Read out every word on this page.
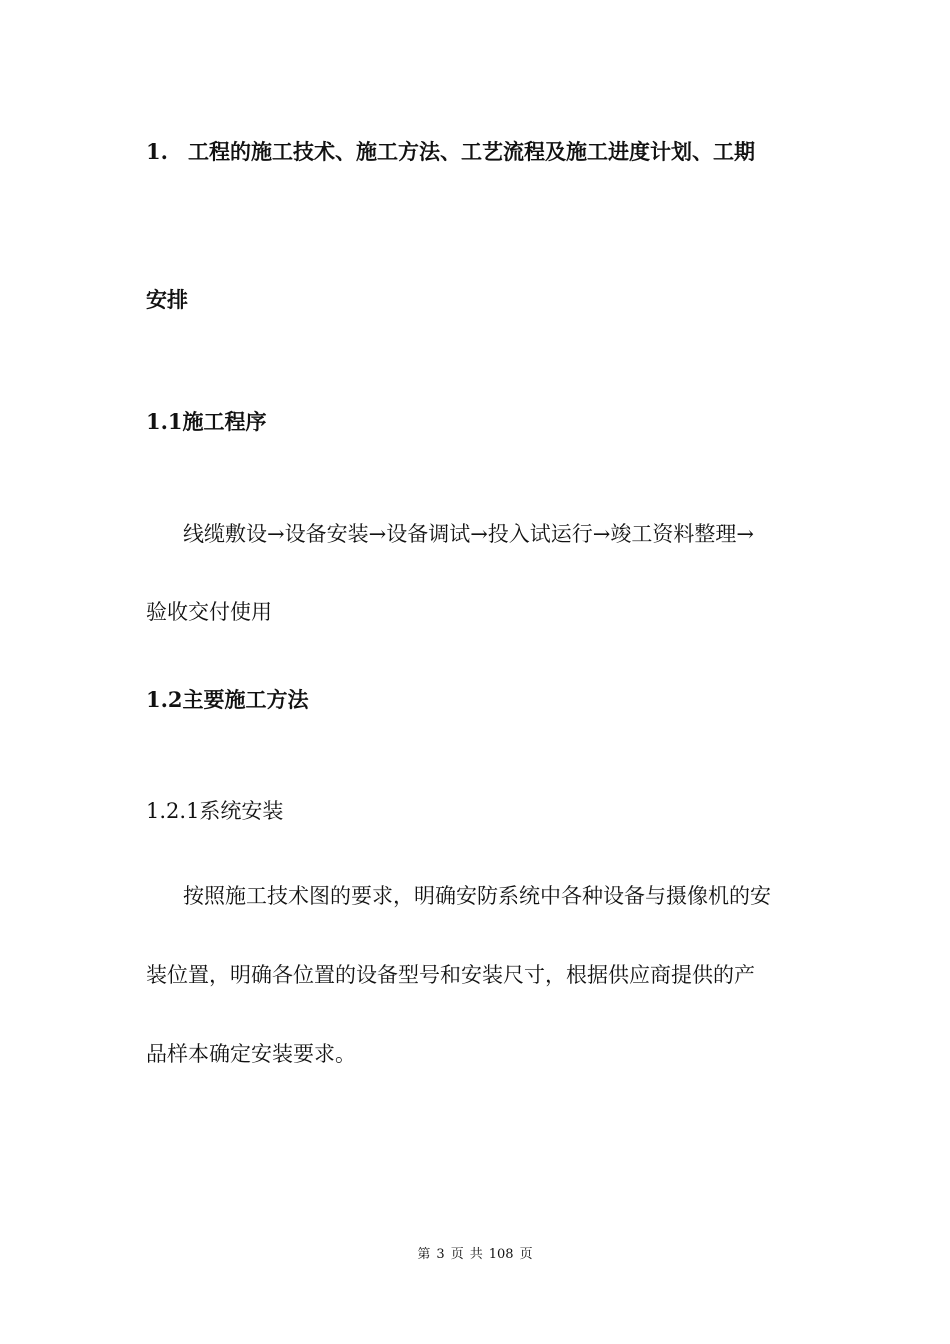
1. 工程的施工技术、施工方法、工艺流程及施工进度计划、工期
安排
1.1施工程序
线缆敷设→设备安装→设备调试→投入试运行→竣工资料整理→
验收交付使用
1.2主要施工方法
1.2.1系统安装
按照施工技术图的要求，明确安防系统中各种设备与摄像机的安
装位置，明确各位置的设备型号和安装尺寸，根据供应商提供的产
品样本确定安装要求。
第 3 页 共 108 页
